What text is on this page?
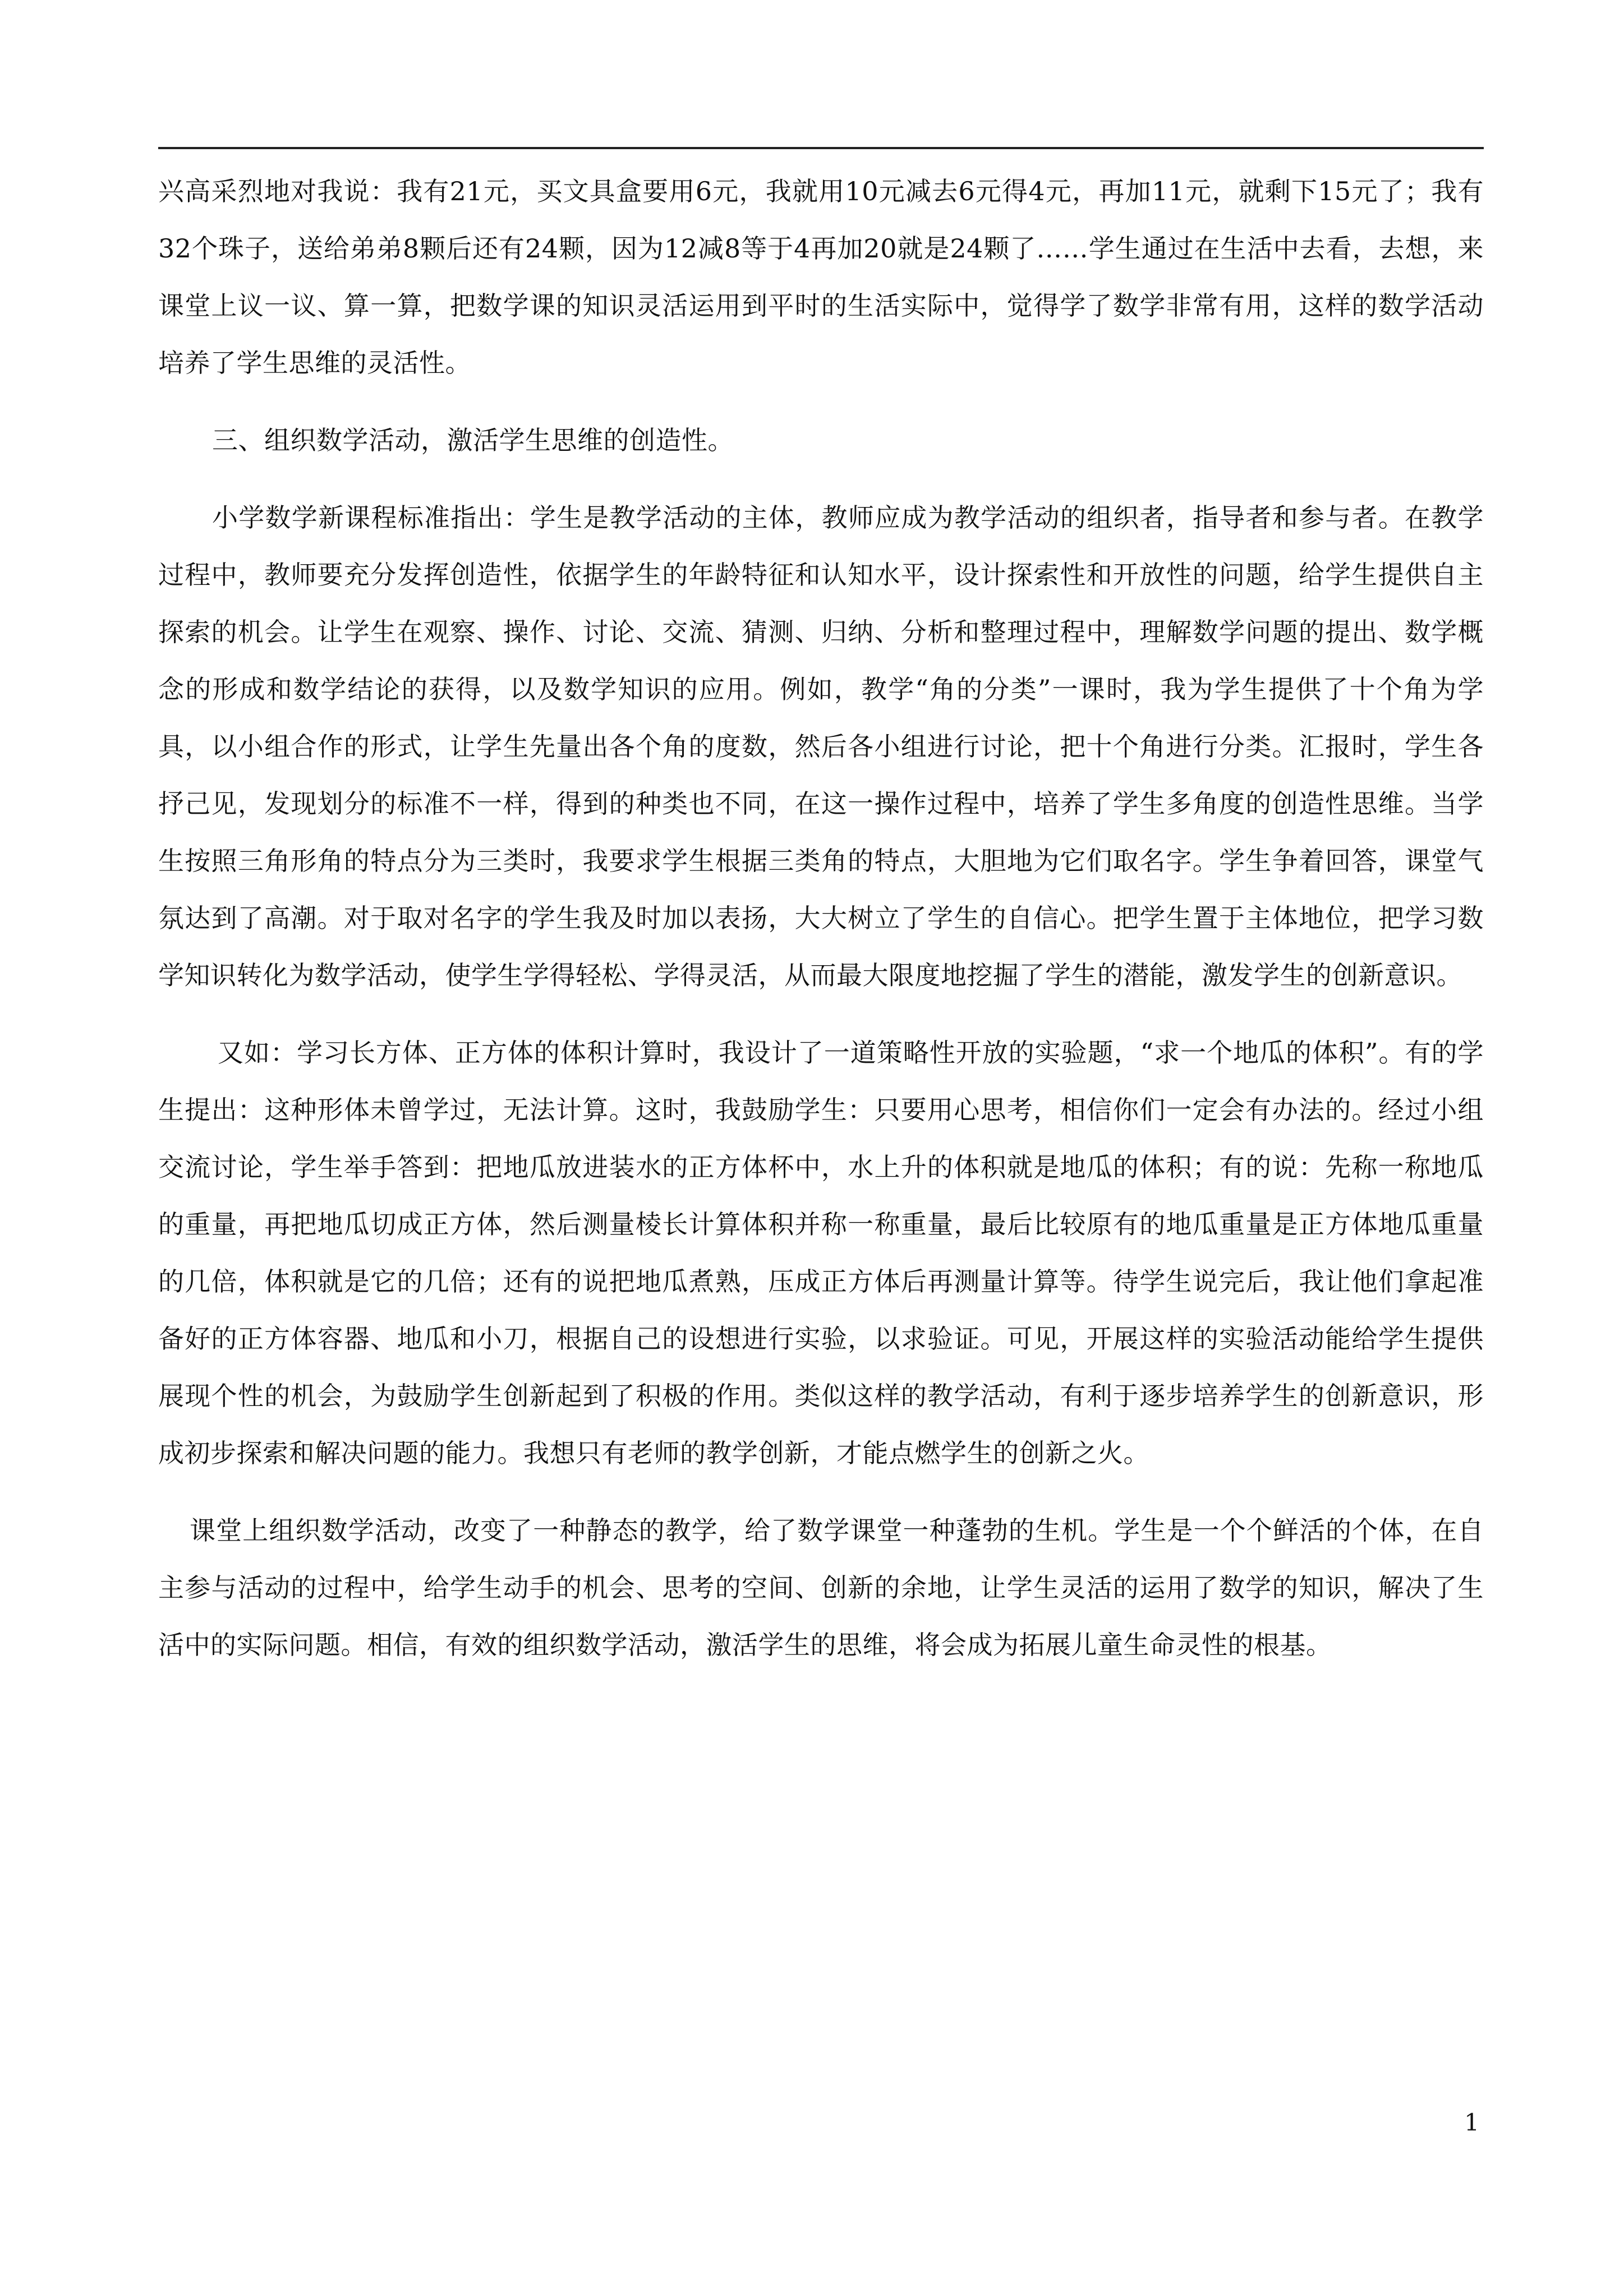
兴高采烈地对我说：我有21元，买文具盒要用6元，我就用10元减去6元得4元，再加11元，就剩下15元了；我有32个珠子，送给弟弟8颗后还有24颗，因为12减8等于4再加20就是24颗了……学生通过在生活中去看，去想，来课堂上议一议、算一算，把数学课的知识灵活运用到平时的生活实际中，觉得学了数学非常有用，这样的数学活动培养了学生思维的灵活性。

三、组织数学活动，激活学生思维的创造性。

小学数学新课程标准指出：学生是教学活动的主体，教师应成为教学活动的组织者，指导者和参与者。在教学过程中，教师要充分发挥创造性，依据学生的年龄特征和认知水平，设计探索性和开放性的问题，给学生提供自主探索的机会。让学生在观察、操作、讨论、交流、猜测、归纳、分析和整理过程中，理解数学问题的提出、数学概念的形成和数学结论的获得，以及数学知识的应用。例如，教学“角的分类”一课时，我为学生提供了十个角为学具，以小组合作的形式，让学生先量出各个角的度数，然后各小组进行讨论，把十个角进行分类。汇报时，学生各抒己见，发现划分的标准不一样，得到的种类也不同，在这一操作过程中，培养了学生多角度的创造性思维。当学生按照三角形角的特点分为三类时，我要求学生根据三类角的特点，大胆地为它们取名字。学生争着回答，课堂气氛达到了高潮。对于取对名字的学生我及时加以表扬，大大树立了学生的自信心。把学生置于主体地位，把学习数学知识转化为数学活动，使学生学得轻松、学得灵活，从而最大限度地挖掘了学生的潜能，激发学生的创新意识。

又如：学习长方体、正方体的体积计算时，我设计了一道策略性开放的实验题，“求一个地瓜的体积”。有的学生提出：这种形体未曾学过，无法计算。这时，我鼓励学生：只要用心思考，相信你们一定会有办法的。经过小组交流讨论，学生举手答到：把地瓜放进装水的正方体杯中，水上升的体积就是地瓜的体积；有的说：先称一称地瓜的重量，再把地瓜切成正方体，然后测量棱长计算体积并称一称重量，最后比较原有的地瓜重量是正方体地瓜重量的几倍，体积就是它的几倍；还有的说把地瓜煮熟，压成正方体后再测量计算等。待学生说完后，我让他们拿起准备好的正方体容器、地瓜和小刀，根据自己的设想进行实验，以求验证。可见，开展这样的实验活动能给学生提供展现个性的机会，为鼓励学生创新起到了积极的作用。类似这样的教学活动，有利于逐步培养学生的创新意识，形成初步探索和解决问题的能力。我想只有老师的教学创新，才能点燃学生的创新之火。

课堂上组织数学活动，改变了一种静态的教学，给了数学课堂一种蓬勃的生机。学生是一个个鲜活的个体，在自主参与活动的过程中，给学生动手的机会、思考的空间、创新的余地，让学生灵活的运用了数学的知识，解决了生活中的实际问题。相信，有效的组织数学活动，激活学生的思维，将会成为拓展儿童生命灵性的根基。

1
